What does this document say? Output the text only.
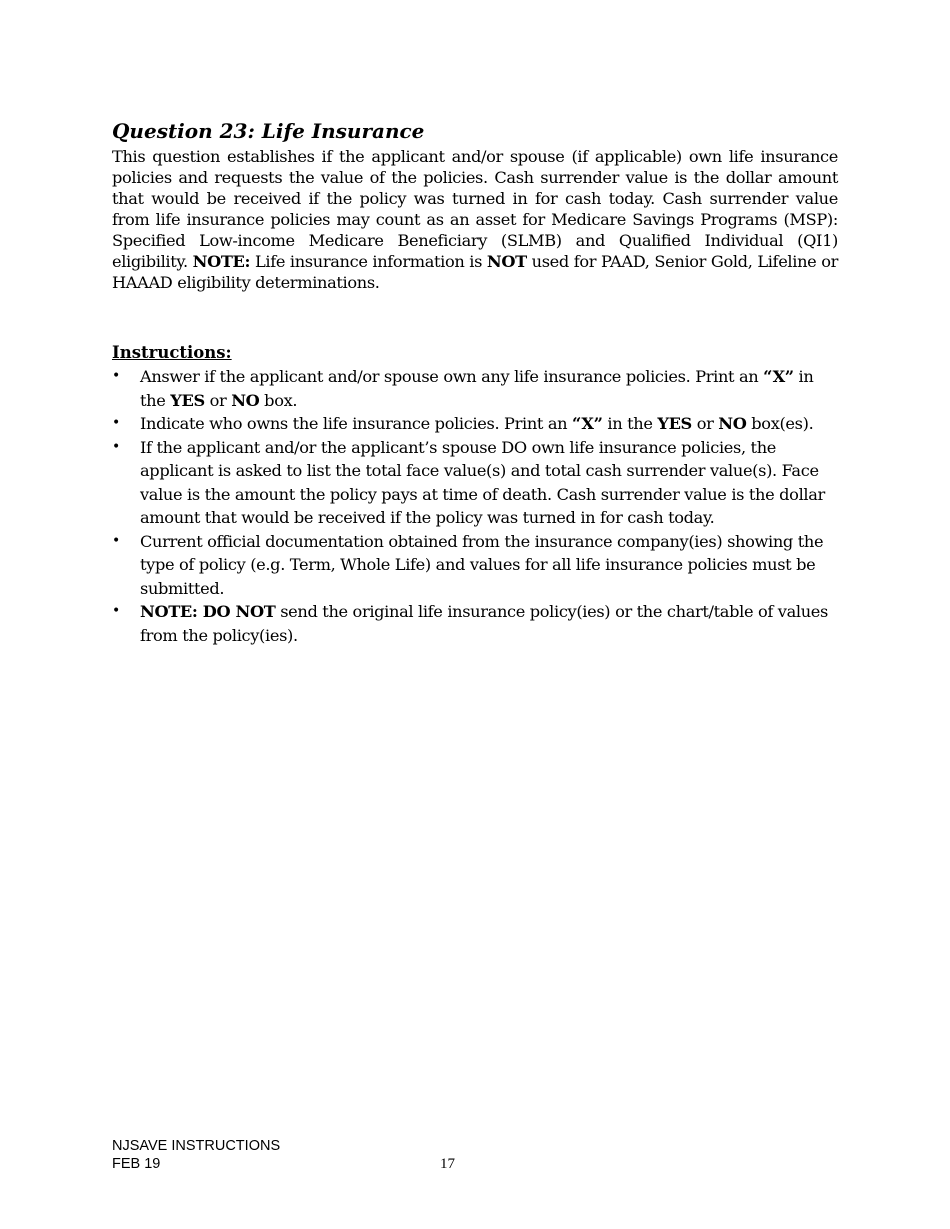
Question 23: Life Insurance

This question establishes if the applicant and/or spouse (if applicable) own life insurance policies and requests the value of the policies. Cash surrender value is the dollar amount that would be received if the policy was turned in for cash today. Cash surrender value from life insurance policies may count as an asset for Medicare Savings Programs (MSP): Specified Low-income Medicare Beneficiary (SLMB) and Qualified Individual (QI1) eligibility. NOTE: Life insurance information is NOT used for PAAD, Senior Gold, Lifeline or HAAAD eligibility determinations.

Instructions:
• Answer if the applicant and/or spouse own any life insurance policies. Print an “X” in the YES or NO box.
• Indicate who owns the life insurance policies. Print an “X” in the YES or NO box(es).
• If the applicant and/or the applicant’s spouse DO own life insurance policies, the applicant is asked to list the total face value(s) and total cash surrender value(s). Face value is the amount the policy pays at time of death. Cash surrender value is the dollar amount that would be received if the policy was turned in for cash today.
• Current official documentation obtained from the insurance company(ies) showing the type of policy (e.g. Term, Whole Life) and values for all life insurance policies must be submitted.
• NOTE: DO NOT send the original life insurance policy(ies) or the chart/table of values from the policy(ies).
NJSAVE INSTRUCTIONS
FEB 19	17
